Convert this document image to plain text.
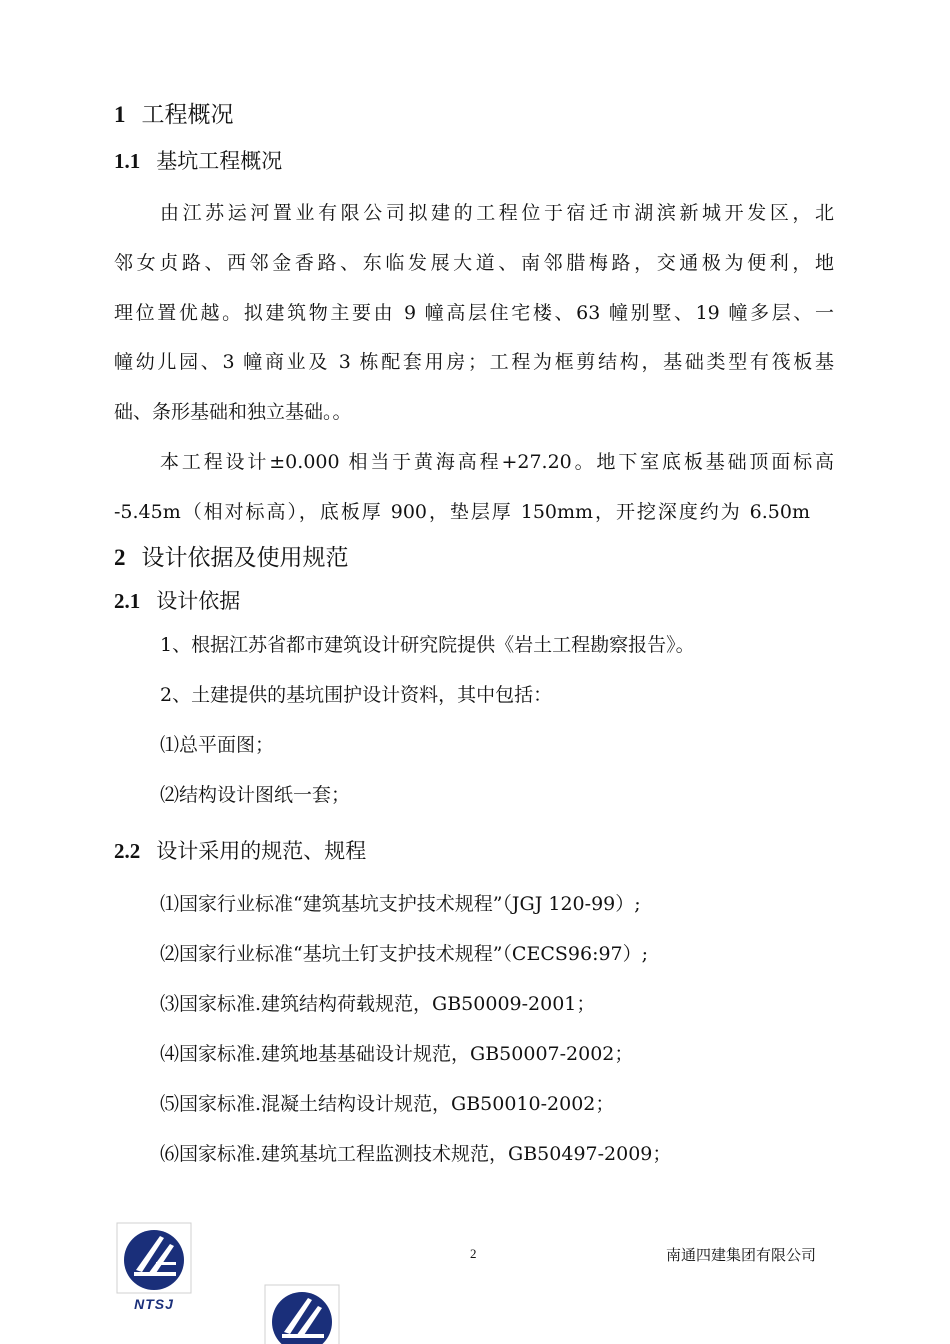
1 工程概况
1.1 基坑工程概况
由江苏运河置业有限公司拟建的工程位于宿迁市湖滨新城开发区，北
邻女贞路、西邻金香路、东临发展大道、南邻腊梅路，交通极为便利，地
理位置优越。拟建筑物主要由 9 幢高层住宅楼、63 幢别墅、19 幢多层、一
幢幼儿园、3 幢商业及 3 栋配套用房；工程为框剪结构，基础类型有筏板基
础、条形基础和独立基础。。
本工程设计±0.000 相当于黄海高程+27.20。地下室底板基础顶面标高
-5.45m（相对标高），底板厚 900，垫层厚 150mm，开挖深度约为 6.50m
2 设计依据及使用规范
2.1 设计依据
1、根据江苏省都市建筑设计研究院提供《岩土工程勘察报告》。
2、土建提供的基坑围护设计资料，其中包括：
⑴总平面图；
⑵结构设计图纸一套；
2.2 设计采用的规范、规程
⑴国家行业标准“建筑基坑支护技术规程”（JGJ 120-99）;
⑵国家行业标准“基坑土钉支护技术规程”（CECS96:97）;
⑶国家标准.建筑结构荷载规范，GB50009-2001；
⑷国家标准.建筑地基基础设计规范，GB50007-2002；
⑸国家标准.混凝土结构设计规范，GB50010-2002；
⑹国家标准.建筑基坑工程监测技术规范，GB50497-2009；
NTSJ
2	南通四建集团有限公司
